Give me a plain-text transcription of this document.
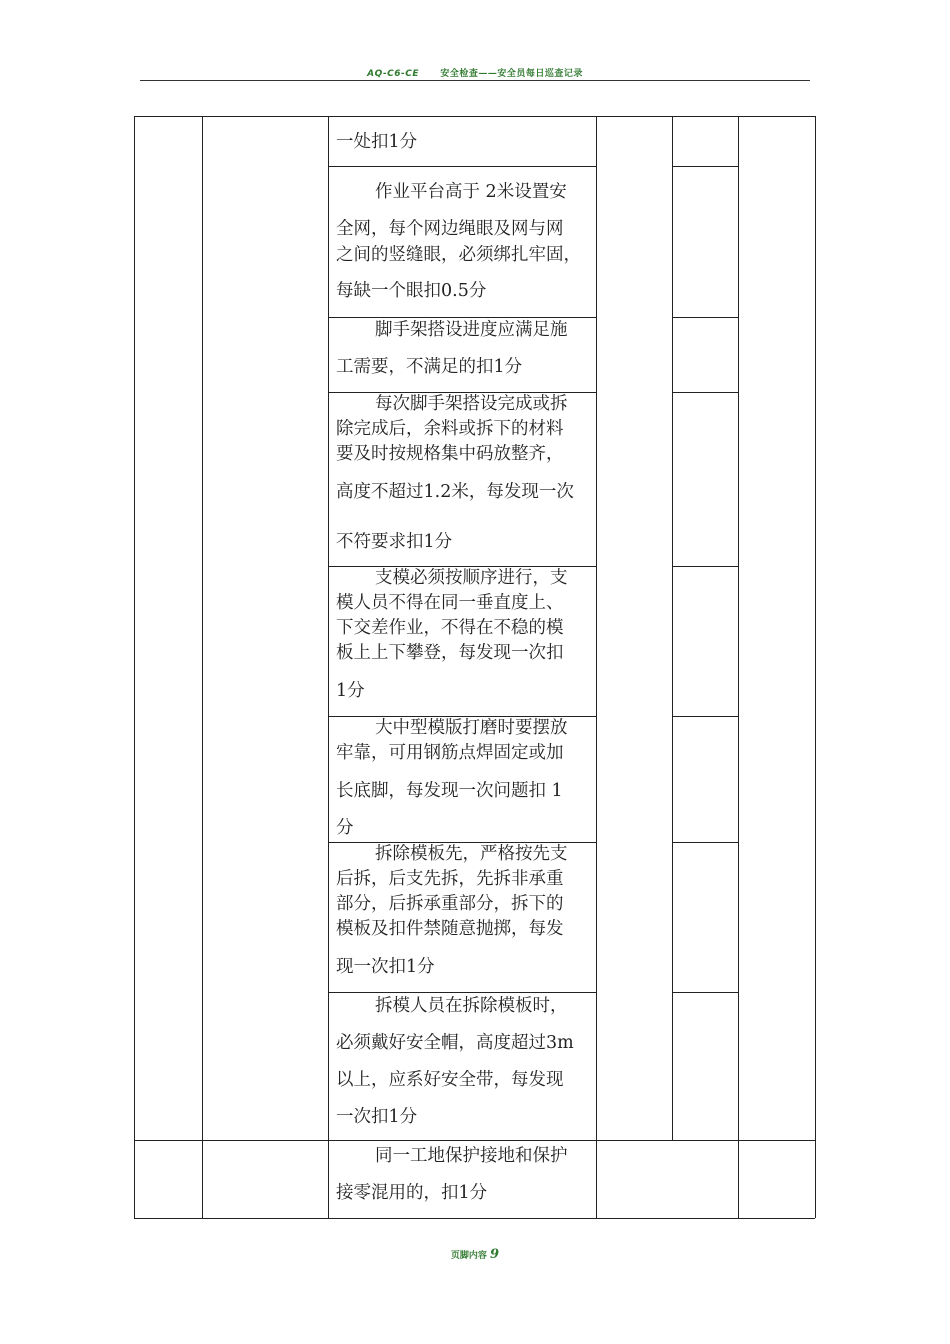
AQ-C6-CE 安全检查——安全员每日巡查记录
一处扣1分
作业平台高于 2米设置安
全网，每个网边绳眼及网与网
之间的竖缝眼，必须绑扎牢固，
每缺一个眼扣0.5分
脚手架搭设进度应满足施
工需要，不满足的扣1分
每次脚手架搭设完成或拆
除完成后，余料或拆下的材料
要及时按规格集中码放整齐，
高度不超过1.2米，每发现一次
不符要求扣1分
支模必须按顺序进行，支
模人员不得在同一垂直度上、
下交差作业，不得在不稳的模
板上上下攀登，每发现一次扣
1分
大中型模版打磨时要摆放
牢靠，可用钢筋点焊固定或加
长底脚，每发现一次问题扣 1
分
拆除模板先，严格按先支
后拆，后支先拆，先拆非承重
部分，后拆承重部分，拆下的
模板及扣件禁随意抛掷，每发
现一次扣1分
拆模人员在拆除模板时，
必须戴好安全帽，高度超过3m
以上，应系好安全带，每发现
一次扣1分
同一工地保护接地和保护
接零混用的，扣1分
页脚内容 9
